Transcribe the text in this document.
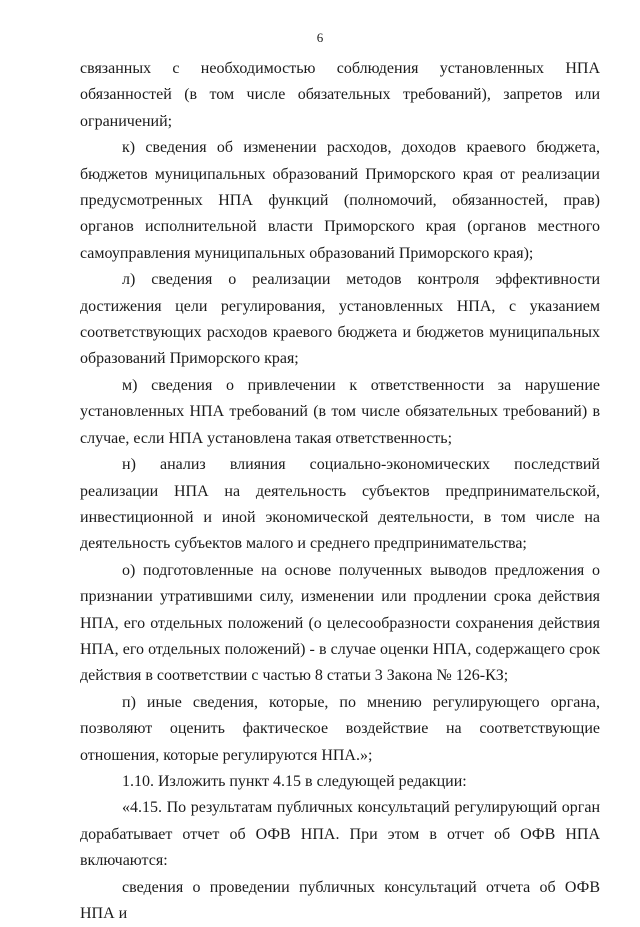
6

связанных с необходимостью соблюдения установленных НПА обязанностей (в том числе обязательных требований), запретов или ограничений;

к) сведения об изменении расходов, доходов краевого бюджета, бюджетов муниципальных образований Приморского края от реализации предусмотренных НПА функций (полномочий, обязанностей, прав) органов исполнительной власти Приморского края (органов местного самоуправления муниципальных образований Приморского края);

л) сведения о реализации методов контроля эффективности достижения цели регулирования, установленных НПА, с указанием соответствующих расходов краевого бюджета и бюджетов муниципальных образований Приморского края;

м) сведения о привлечении к ответственности за нарушение установленных НПА требований (в том числе обязательных требований) в случае, если НПА установлена такая ответственность;

н) анализ влияния социально-экономических последствий реализации НПА на деятельность субъектов предпринимательской, инвестиционной и иной экономической деятельности, в том числе на деятельность субъектов малого и среднего предпринимательства;

о) подготовленные на основе полученных выводов предложения о признании утратившими силу, изменении или продлении срока действия НПА, его отдельных положений (о целесообразности сохранения действия НПА, его отдельных положений) - в случае оценки НПА, содержащего срок действия в соответствии с частью 8 статьи 3 Закона № 126-КЗ;

п) иные сведения, которые, по мнению регулирующего органа, позволяют оценить фактическое воздействие на соответствующие отношения, которые регулируются НПА.»;

1.10. Изложить пункт 4.15 в следующей редакции:

«4.15. По результатам публичных консультаций регулирующий орган дорабатывает отчет об ОФВ НПА. При этом в отчет об ОФВ НПА включаются:

сведения о проведении публичных консультаций отчета об ОФВ НПА и
